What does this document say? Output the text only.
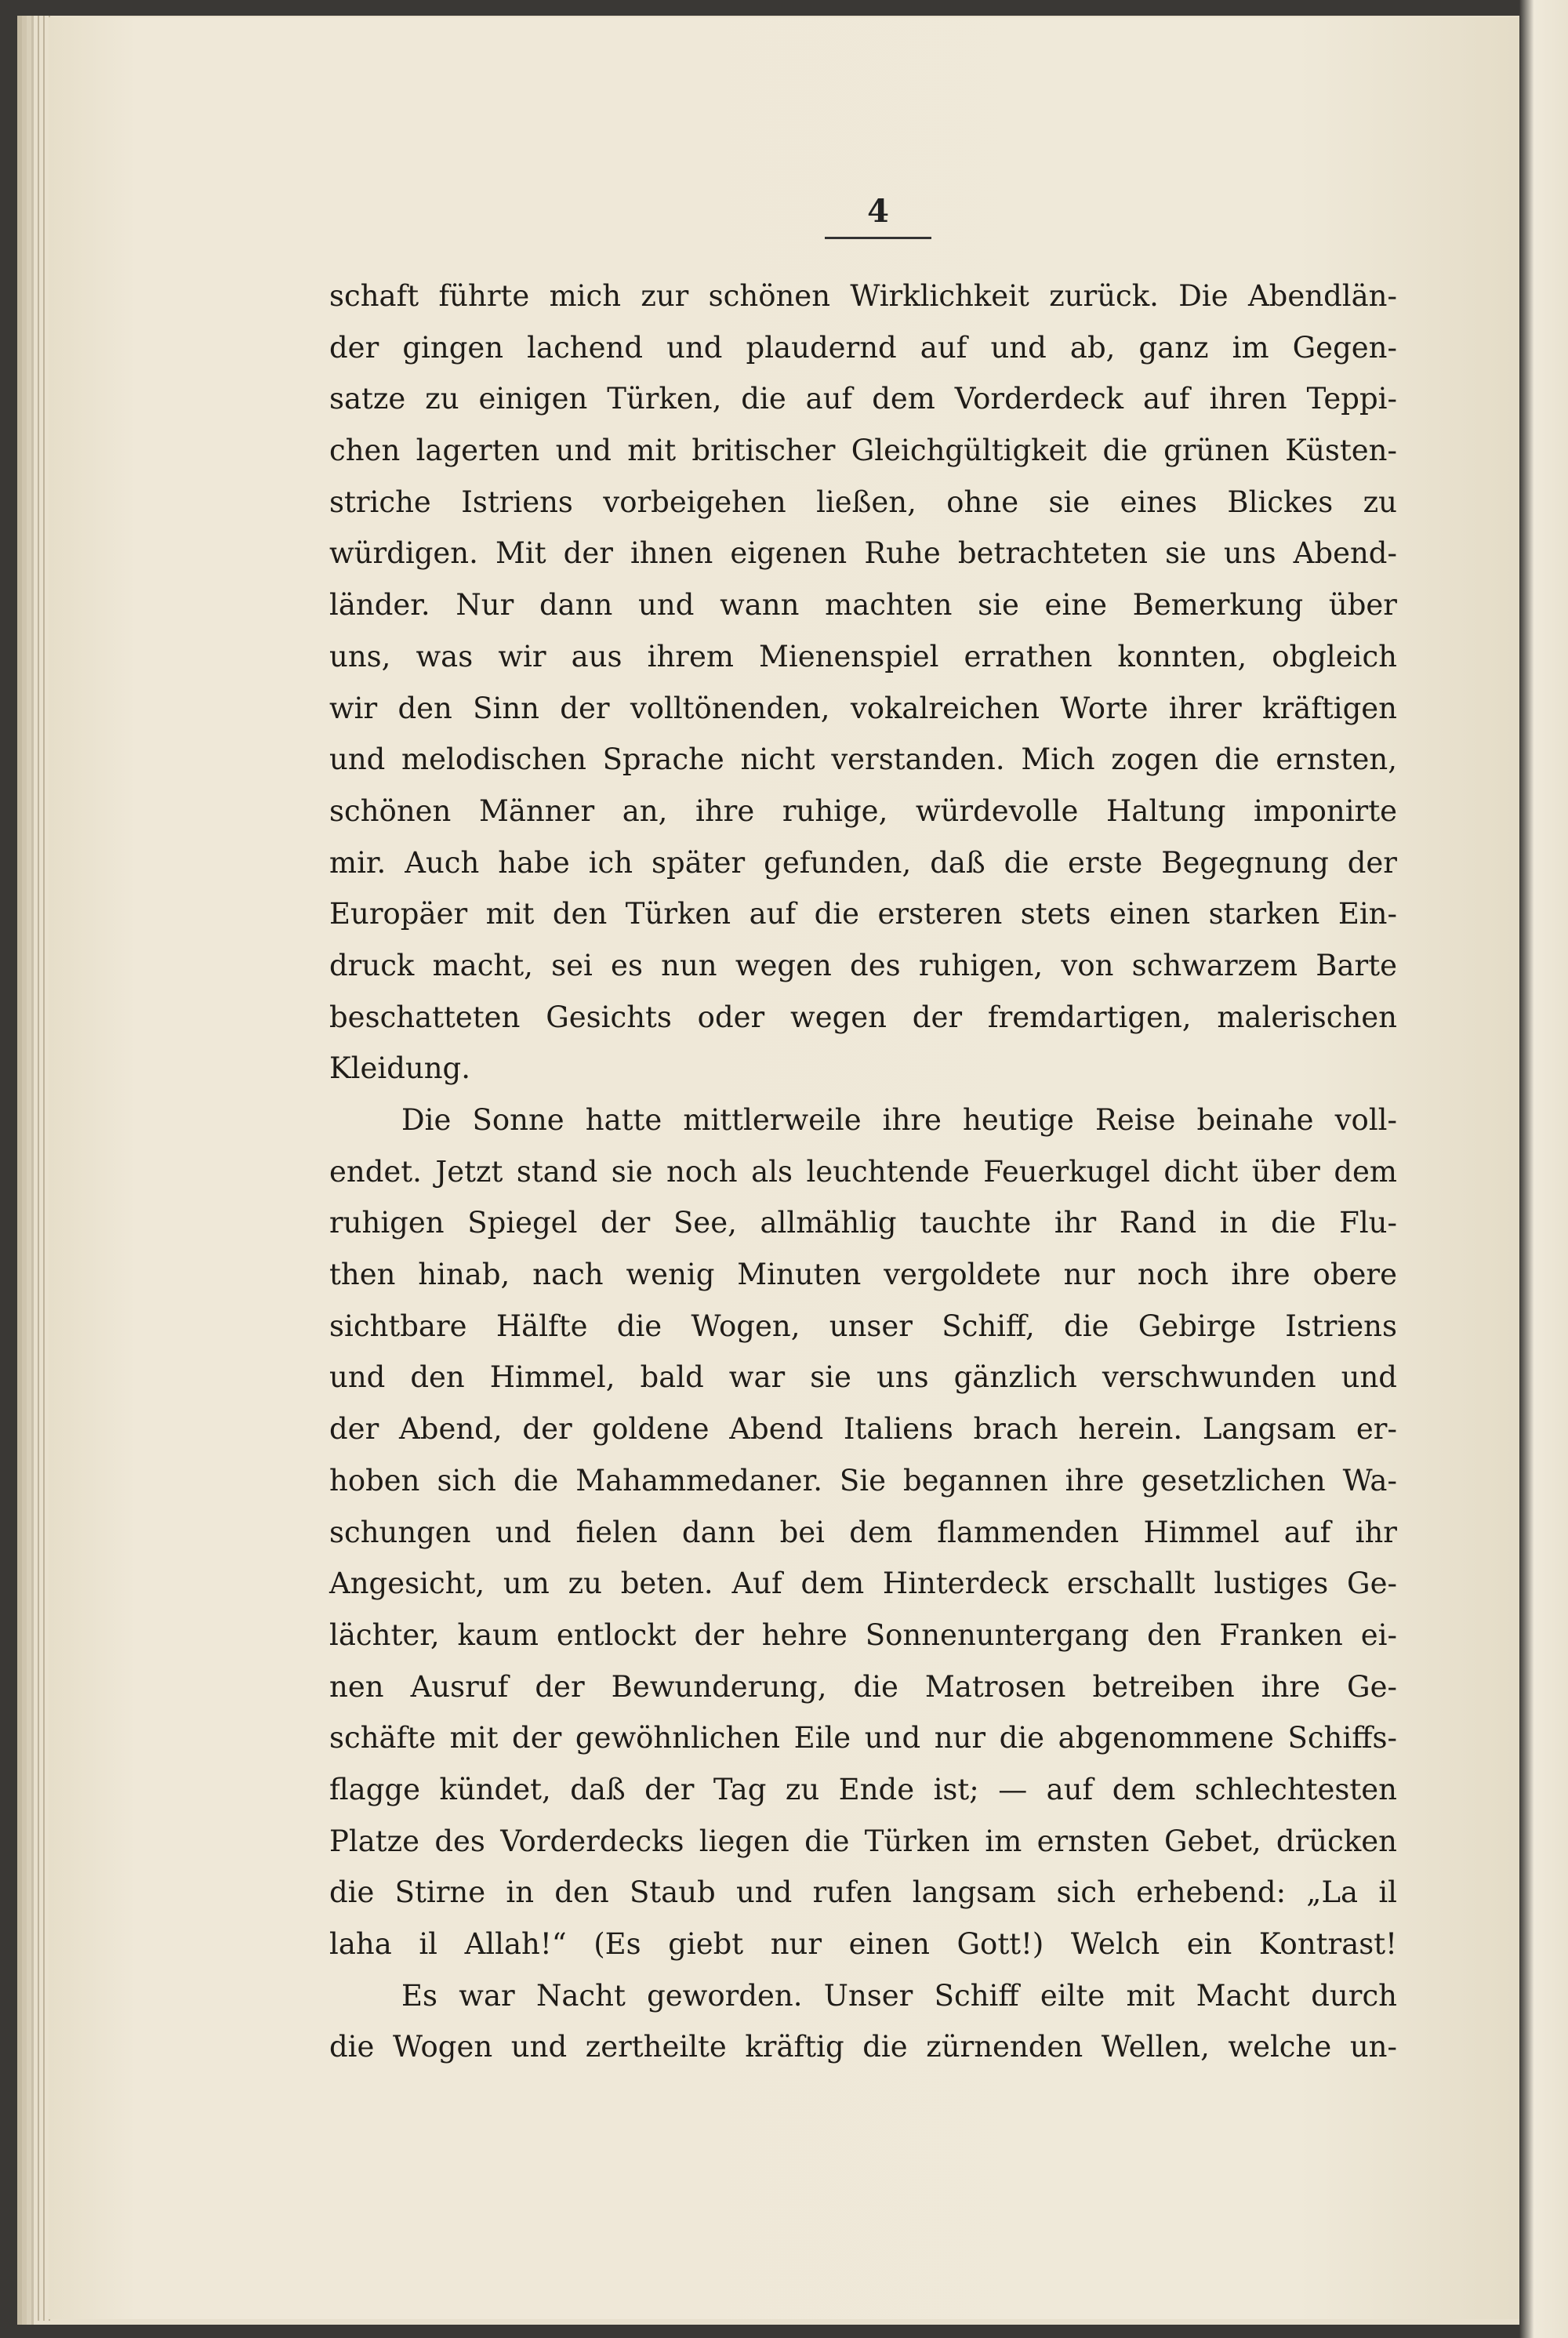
4
schaft führte mich zur schönen Wirklichkeit zurück. Die Abendlän-
der gingen lachend und plaudernd auf und ab, ganz im Gegen-
satze zu einigen Türken, die auf dem Vorderdeck auf ihren Teppi-
chen lagerten und mit britischer Gleichgültigkeit die grünen Küsten-
striche Istriens vorbeigehen ließen, ohne sie eines Blickes zu
würdigen. Mit der ihnen eigenen Ruhe betrachteten sie uns Abend-
länder. Nur dann und wann machten sie eine Bemerkung über
uns, was wir aus ihrem Mienenspiel errathen konnten, obgleich
wir den Sinn der volltönenden, vokalreichen Worte ihrer kräftigen
und melodischen Sprache nicht verstanden. Mich zogen die ernsten,
schönen Männer an, ihre ruhige, würdevolle Haltung imponirte
mir. Auch habe ich später gefunden, daß die erste Begegnung der
Europäer mit den Türken auf die ersteren stets einen starken Ein-
druck macht, sei es nun wegen des ruhigen, von schwarzem Barte
beschatteten Gesichts oder wegen der fremdartigen, malerischen
Kleidung.
Die Sonne hatte mittlerweile ihre heutige Reise beinahe voll-
endet. Jetzt stand sie noch als leuchtende Feuerkugel dicht über dem
ruhigen Spiegel der See, allmählig tauchte ihr Rand in die Flu-
then hinab, nach wenig Minuten vergoldete nur noch ihre obere
sichtbare Hälfte die Wogen, unser Schiff, die Gebirge Istriens
und den Himmel, bald war sie uns gänzlich verschwunden und
der Abend, der goldene Abend Italiens brach herein. Langsam er-
hoben sich die Mahammedaner. Sie begannen ihre gesetzlichen Wa-
schungen und fielen dann bei dem flammenden Himmel auf ihr
Angesicht, um zu beten. Auf dem Hinterdeck erschallt lustiges Ge-
lächter, kaum entlockt der hehre Sonnenuntergang den Franken ei-
nen Ausruf der Bewunderung, die Matrosen betreiben ihre Ge-
schäfte mit der gewöhnlichen Eile und nur die abgenommene Schiffs-
flagge kündet, daß der Tag zu Ende ist; — auf dem schlechtesten
Platze des Vorderdecks liegen die Türken im ernsten Gebet, drücken
die Stirne in den Staub und rufen langsam sich erhebend: „La il
laha il Allah!“ (Es giebt nur einen Gott!) Welch ein Kontrast!
Es war Nacht geworden. Unser Schiff eilte mit Macht durch
die Wogen und zertheilte kräftig die zürnenden Wellen, welche un-
